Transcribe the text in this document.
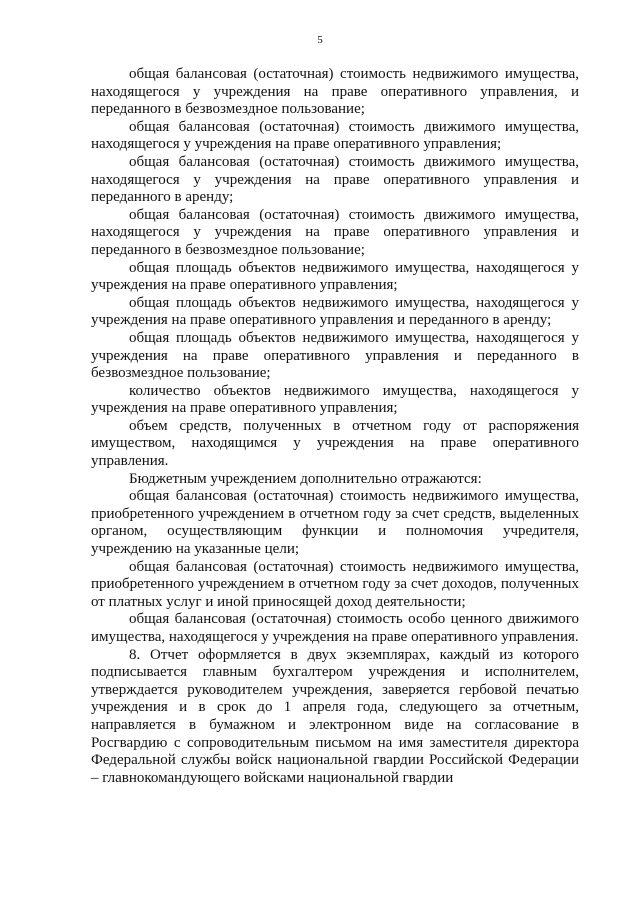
5

общая балансовая (остаточная) стоимость недвижимого имущества, находящегося у учреждения на праве оперативного управления, и переданного в безвозмездное пользование;

общая балансовая (остаточная) стоимость движимого имущества, находящегося у учреждения на праве оперативного управления;

общая балансовая (остаточная) стоимость движимого имущества, находящегося у учреждения на праве оперативного управления и переданного в аренду;

общая балансовая (остаточная) стоимость движимого имущества, находящегося у учреждения на праве оперативного управления и переданного в безвозмездное пользование;

общая площадь объектов недвижимого имущества, находящегося у учреждения на праве оперативного управления;

общая площадь объектов недвижимого имущества, находящегося у учреждения на праве оперативного управления и переданного в аренду;

общая площадь объектов недвижимого имущества, находящегося у учреждения на праве оперативного управления и переданного в безвозмездное пользование;

количество объектов недвижимого имущества, находящегося у учреждения на праве оперативного управления;

объем средств, полученных в отчетном году от распоряжения имуществом, находящимся у учреждения на праве оперативного управления.

Бюджетным учреждением дополнительно отражаются:

общая балансовая (остаточная) стоимость недвижимого имущества, приобретенного учреждением в отчетном году за счет средств, выделенных органом, осуществляющим функции и полномочия учредителя, учреждению на указанные цели;

общая балансовая (остаточная) стоимость недвижимого имущества, приобретенного учреждением в отчетном году за счет доходов, полученных от платных услуг и иной приносящей доход деятельности;

общая балансовая (остаточная) стоимость особо ценного движимого имущества, находящегося у учреждения на праве оперативного управления.

8. Отчет оформляется в двух экземплярах, каждый из которого подписывается главным бухгалтером учреждения и исполнителем, утверждается руководителем учреждения, заверяется гербовой печатью учреждения и в срок до 1 апреля года, следующего за отчетным, направляется в бумажном и электронном виде на согласование в Росгвардию с сопроводительным письмом на имя заместителя директора Федеральной службы войск национальной гвардии Российской Федерации – главнокомандующего войсками национальной гвардии
